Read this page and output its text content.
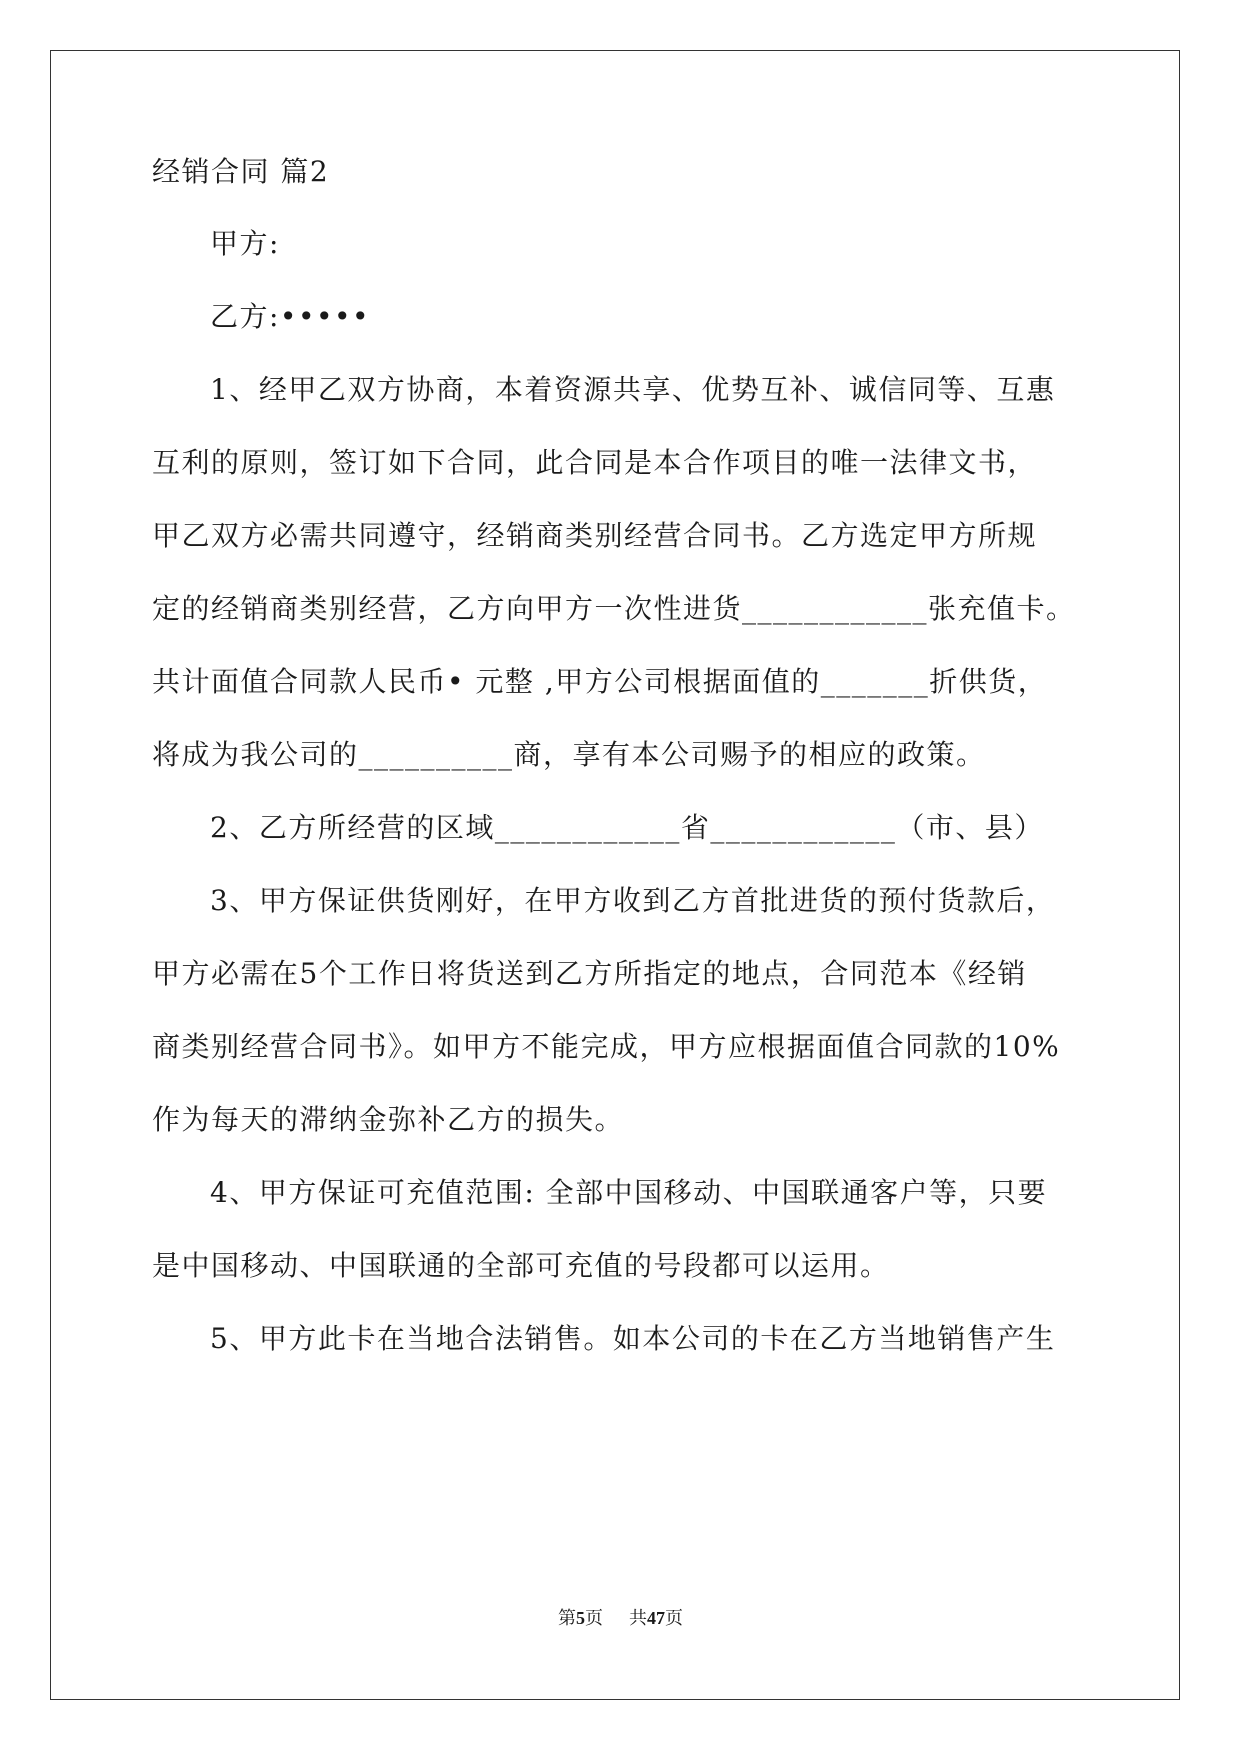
经销合同 篇2
甲方:
乙方:•••••
1、经甲乙双方协商，本着资源共享、优势互补、诚信同等、互惠
互利的原则，签订如下合同，此合同是本合作项目的唯一法律文书，
甲乙双方必需共同遵守，经销商类别经营合同书。乙方选定甲方所规
定的经销商类别经营，乙方向甲方一次性进货____________张充值卡。
共计面值合同款人民币• 元整 ,甲方公司根据面值的_______折供货，
将成为我公司的__________商，享有本公司赐予的相应的政策。
2、乙方所经营的区域____________省____________（市、县）
3、甲方保证供货刚好，在甲方收到乙方首批进货的预付货款后，
甲方必需在5个工作日将货送到乙方所指定的地点，合同范本《经销
商类别经营合同书》。如甲方不能完成，甲方应根据面值合同款的10%
作为每天的滞纳金弥补乙方的损失。
4、甲方保证可充值范围: 全部中国移动、中国联通客户等，只要
是中国移动、中国联通的全部可充值的号段都可以运用。
5、甲方此卡在当地合法销售。如本公司的卡在乙方当地销售产生
第5页 共47页
